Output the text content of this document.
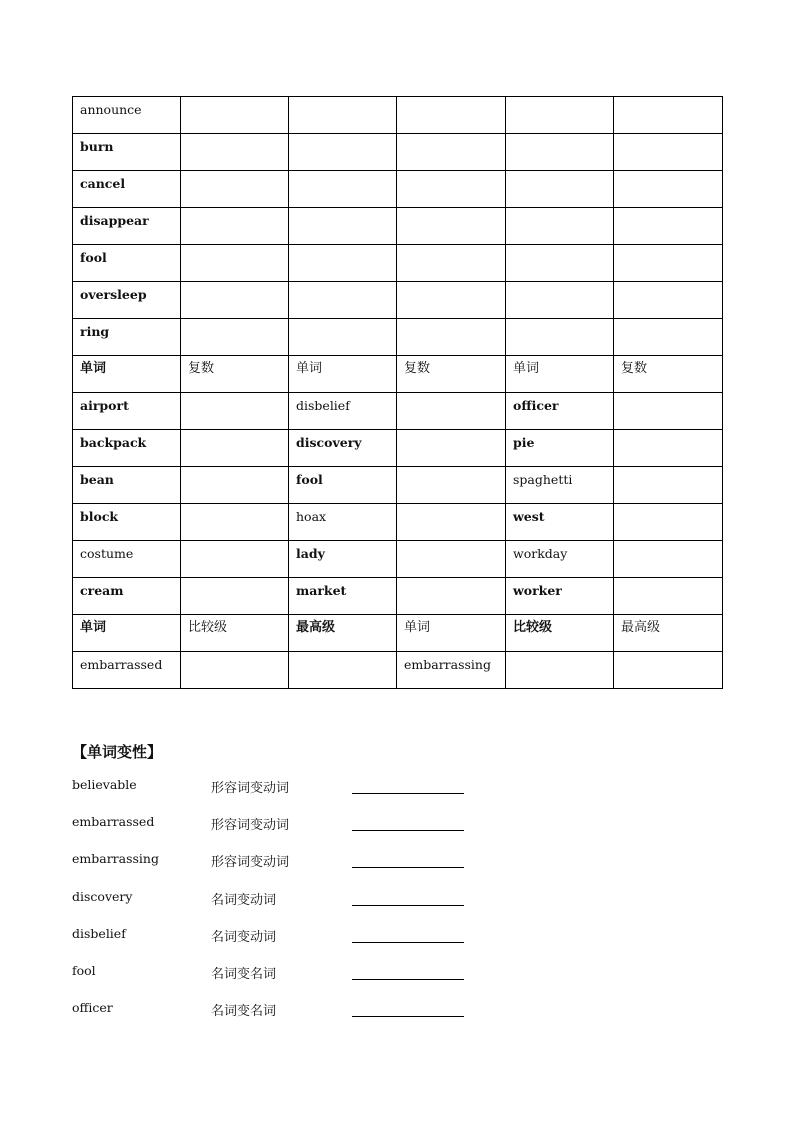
announce					

burn					

cancel					

disappear					

fool					

oversleep					

ring					

单词	复数	单词	复数	单词	复数

airport		disbelief		officer	

backpack		discovery		pie	

bean		fool		spaghetti	

block		hoax		west	

costume		lady		workday	

cream		market		worker	

单词	比较级	最高级	单词	比较级	最高级

embarrassed			embarrassing		

【单词变性】
believable	形容词变动词
embarrassed	形容词变动词
embarrassing	形容词变动词
discovery	名词变动词
disbelief	名词变动词
fool	名词变名词
officer	名词变名词
